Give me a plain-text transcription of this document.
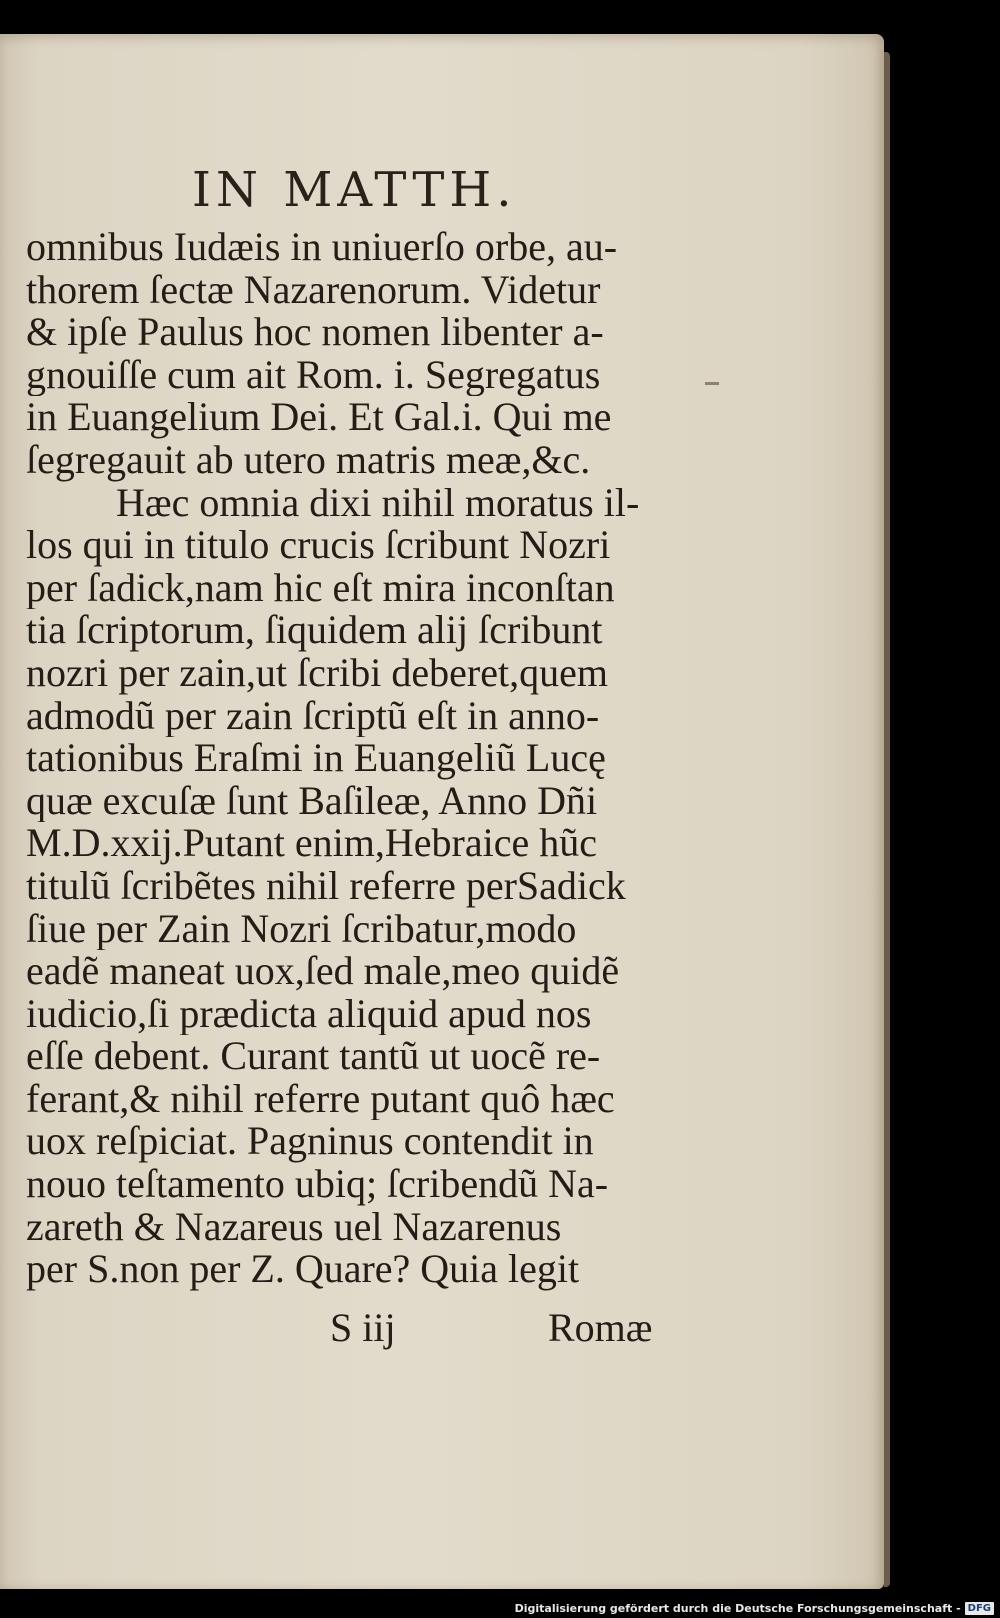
IN MATTH.
omnibus Iudæis in uniuerſo orbe, au-
thorem ſectæ Nazarenorum. Videtur
& ipſe Paulus hoc nomen libenter a-
gnouiſſe cum ait Rom. i. Segregatus
in Euangelium Dei. Et Gal.i. Qui me
ſegregauit ab utero matris meæ,&c.
Hæc omnia dixi nihil moratus il-
los qui in titulo crucis ſcribunt Nozri
per ſadick,nam hic eſt mira inconſtan
tia ſcriptorum, ſiquidem alij ſcribunt
nozri per zain,ut ſcribi deberet,quem
admodũ per zain ſcriptũ eſt in anno-
tationibus Eraſmi in Euangeliũ Lucę
quæ excuſæ ſunt Baſileæ, Anno Dñi
M.D.xxij.Putant enim,Hebraice hũc
titulũ ſcribẽtes nihil referre perSadick
ſiue per Zain Nozri ſcribatur,modo
eadẽ maneat uox,ſed male,meo quidẽ
iudicio,ſi prædicta aliquid apud nos
eſſe debent. Curant tantũ ut uocẽ re-
ferant,& nihil referre putant quô hæc
uox reſpiciat. Pagninus contendit in
nouo teſtamento ubiq; ſcribendũ Na-
zareth & Nazareus uel Nazarenus
per S.non per Z. Quare? Quia legit
S iij	Romæ
Digitalisierung gefördert durch die Deutsche Forschungsgemeinschaft - DFG
